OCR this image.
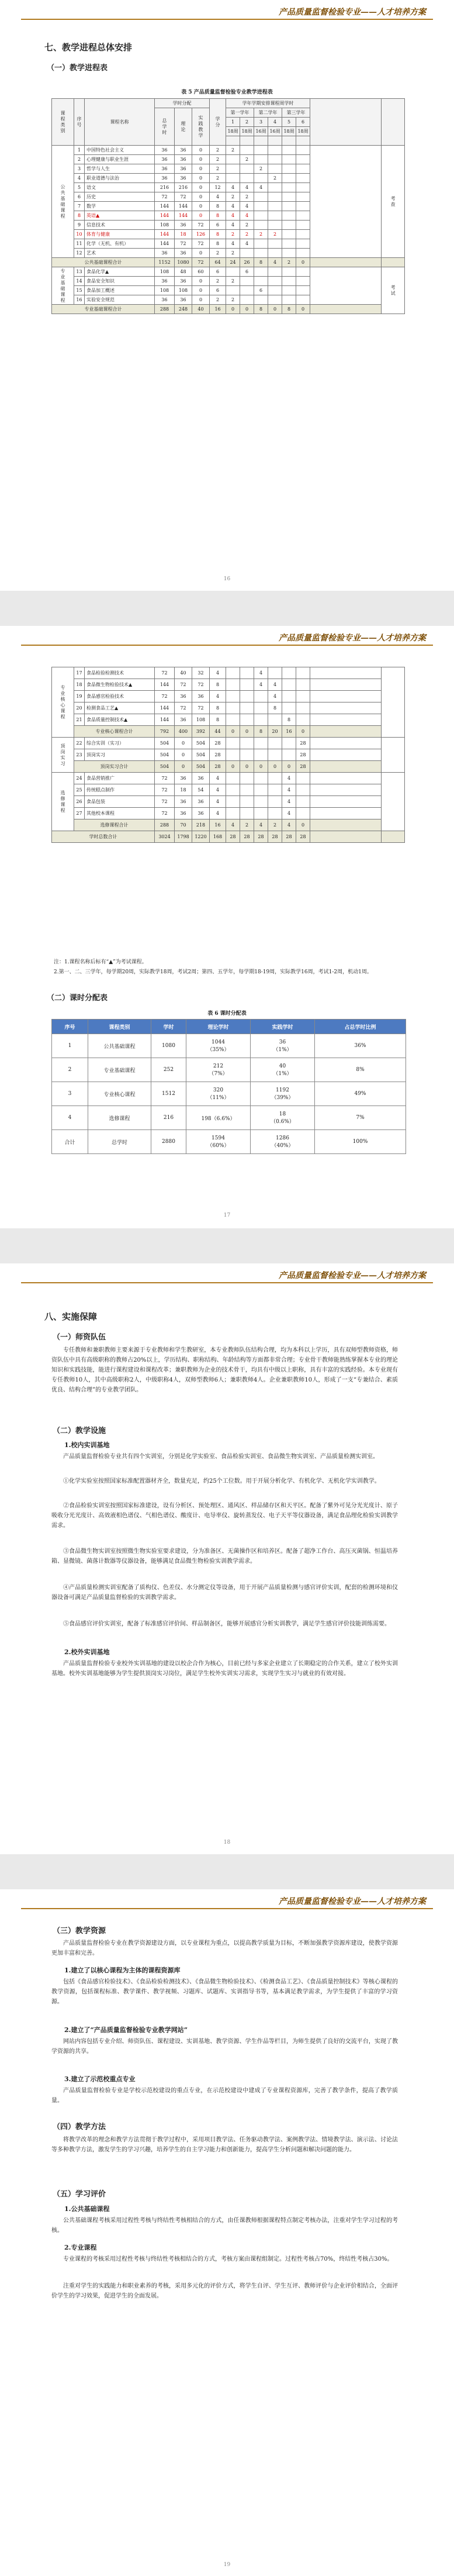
产品质量监督检验专业——人才培养方案
七、教学进程总体安排
（一）教学进程表
表 5 产品质量监督检验专业教学进程表
课程类别	序号	课程名称	学时分配			学分	学年学期安排课程周学时								
			总学时	理论	实践教学		第一学年		第二学年		第三学年				
							1	2	3	4	5	6			
							18周	18周	16周	16周	18周	18周			

公共基础课程	1	中国特色社会主义	36	36	0	2	2							考查	
	2	心理健康与职业生涯	36	36	0	2		2							
	3	哲学与人生	36	36	0	2			2						
	4	职业道德与法治	36	36	0	2				2					
	5	语文	216	216	0	12	4	4	4						
	6	历史	72	72	0	4	2	2							
	7	数学	144	144	0	8	4	4							
	8	英语▲	144	144	0	8	4	4							
	9	信息技术	108	36	72	6	4	2							
	10	体育与健康	144	18	126	8	2	2	2	2					
	11	化学（无机、有机）	144	72	72	8	4	4							
	12	艺术	36	36	0	2	2								
公共基础课程合计			1152	1080	72	64	24	26	8	4	2	0			
专业基础课程	13	食品化学▲	108	48	60	6		6						考试	
	14	食品安全知识	36	36	0	2	2								
	15	食品加工概述	108	108	0	6			6						
	16	实验安全规范	36	36	0	2	2								
专业基础课程合计			288	248	40	16	0	0	8	0	8	0			
16
产品质量监督检验专业——人才培养方案
专业核心课程	17	食品检验检测技术	72	40	32	4			4						
	18	食品微生物检验技术▲	144	72	72	8			4	4					
	19	食品感官检验技术	72	36	36	4				4					
	20	检测食品工艺▲	144	72	72	8				8					
	21	食品质量控制技术▲	144	36	108	8					8				
	专业核心课程合计		792	400	392	44	0	0	8	20	16	0			
顶岗实习	22	综合实训（实习）	504	0	504	28						28			
	23	顶岗实习	504	0	504	28						28			
	顶岗实习合计		504	0	504	28	0	0	0	0	0	28			
选修课程	24	食品营销推广	72	36	36	4					4				
	25	传统糕点制作	72	18	54	4					4				
	26	食品包装	72	36	36	4					4				
	27	其他校本课程	72	36	36	4					4				
	选修课程合计		288	70	218	16	4	2	4	2	4	0			
学时总数合计			3024	1798	1220	168	28	28	28	28	28	28			
注：1.课程名称后标有“▲”为考试课程。
2.第一、二、三学年，每学期20周，实际教学18周，考试2周；第四、五学年，每学期18-19周，实际教学16周，考试1-2周，机动1周。
（二）课时分配表
表 6 课时分配表
序号	课程类别	学时	理论学时	实践学时	占总学时比例
1	公共基础课程	1080	1044
（35%）	36
（1%）	36%
2	专业基础课程	252	212
（7%）	40
（1%）	8%
3	专业核心课程	1512	320
（11%）	1192
（39%）	49%
4	选修课程	216	198（6.6%）	18
（0.6%）	7%
合计	总学时	2880	1594
（60%）	1286
（40%）	100%
17
产品质量监督检验专业——人才培养方案
八、实施保障
（一）师资队伍
专任教师和兼职教师主要来源于专业教师和学生教研室，本专业教师队伍结构合理，均为本科以上学历，具有双师型教师资格，师资队伍中具有高级职称的教师占20%以上，学历结构、职称结构、年龄结构等方面都非常合理；专业骨干教师能熟练掌握本专业的理论知识和实践技能，能进行课程建设和课程改革；兼职教师为企业的技术骨干，均具有中级以上职称，具有丰富的实践经验。本专业现有专任教师10人，其中高级职称2人，中级职称4人，双师型教师6人；兼职教师4人。企业兼职教师10人，形成了一支“专兼结合、素质优良、结构合理”的专业教学团队。
（二）教学设施
1.校内实训基地
产品质量监督检验专业共有四个实训室，分别是化学实验室、食品检验实训室、食品微生物实训室、产品质量检测实训室。
①化学实验室按照国家标准配置器材齐全，数量充足，约25个工位数。用于开展分析化学、有机化学、无机化学实训教学。
②食品检验实训室按照国家标准建设，设有分析区、预处理区、通风区、样品储存区和天平区。配备了紫外可见分光光度计、原子吸收分光光度计、高效液相色谱仪、气相色谱仪、酸度计、电导率仪、旋转蒸发仪、电子天平等仪器设备，满足食品理化检验实训教学需求。
③食品微生物实训室按照微生物实验室要求建设，分为准备区、无菌操作区和培养区。配备了超净工作台、高压灭菌锅、恒温培养箱、显微镜、菌落计数器等仪器设备，能够满足食品微生物检验实训教学需求。
④产品质量检测实训室配备了质构仪、色差仪、水分测定仪等设备，用于开展产品质量检测与感官评价实训，配套的检测环境和仪器设备可满足产品质量监督检验的实训教学需求。
⑤食品感官评价实训室，配备了标准感官评价间、样品制备区，能够开展感官分析实训教学，满足学生感官评价技能训练需要。
2.校外实训基地
产品质量监督检验专业校外实训基地的建设以校企合作为核心，目前已经与多家企业建立了长期稳定的合作关系，建立了校外实训基地。校外实训基地能够为学生提供顶岗实习岗位，满足学生校外实训实习需求，实现学生实习与就业的有效对接。
18
产品质量监督检验专业——人才培养方案
（三）教学资源
产品质量监督检验专业在教学资源建设方面，以专业课程为重点，以提高教学质量为目标，不断加强教学资源库建设，使教学资源更加丰富和完善。
1.建立了以核心课程为主体的课程资源库
包括《食品感官检验技术》、《食品检验检测技术》、《食品微生物检验技术》、《检测食品工艺》、《食品质量控制技术》等核心课程的教学资源，包括课程标准、教学课件、教学视频、习题库、试题库、实训指导书等，基本满足教学需求，为学生提供了丰富的学习资源。
2.建立了“产品质量监督检验专业教学网站”
网站内容包括专业介绍、师资队伍、课程建设、实训基地、教学资源、学生作品等栏目，为师生提供了良好的交流平台，实现了教学资源的共享。
3.建立了示范校重点专业
产品质量监督检验专业是学校示范校建设的重点专业，在示范校建设中建成了专业课程资源库，完善了教学条件，提高了教学质量。
（四）教学方法
将教学改革的理念和教学方法贯彻于教学过程中，采用项目教学法、任务驱动教学法、案例教学法、情境教学法、演示法、讨论法等多种教学方法，激发学生的学习兴趣，培养学生的自主学习能力和创新能力，提高学生分析问题和解决问题的能力。
（五）学习评价
1.公共基础课程
公共基础课程考核采用过程性考核与终结性考核相结合的方式，由任课教师根据课程特点制定考核办法，注重对学生学习过程的考核。
2.专业课程
专业课程的考核采用过程性考核与终结性考核相结合的方式，考核方案由课程组制定。过程性考核占70%，终结性考核占30%。
注重对学生的实践能力和职业素养的考核，采用多元化的评价方式，将学生自评、学生互评、教师评价与企业评价相结合，全面评价学生的学习效果，促进学生的全面发展。
19
